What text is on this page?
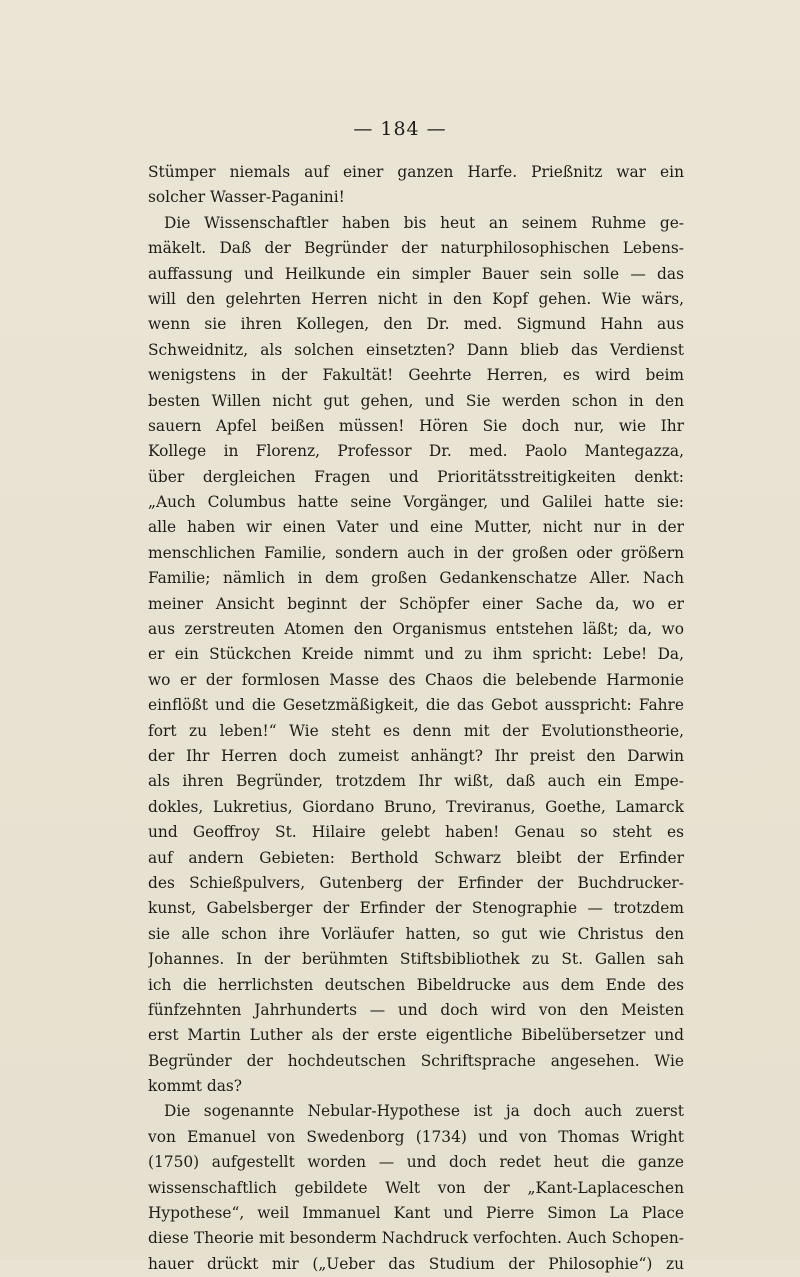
— 184 —
Stümper niemals auf einer ganzen Harfe. Prießnitz war ein
solcher Wasser-Paganini!
Die Wissenschaftler haben bis heut an seinem Ruhme ge-
mäkelt. Daß der Begründer der naturphilosophischen Lebens-
auffassung und Heilkunde ein simpler Bauer sein solle — das
will den gelehrten Herren nicht in den Kopf gehen. Wie wärs,
wenn sie ihren Kollegen, den Dr. med. Sigmund Hahn aus
Schweidnitz, als solchen einsetzten? Dann blieb das Verdienst
wenigstens in der Fakultät! Geehrte Herren, es wird beim
besten Willen nicht gut gehen, und Sie werden schon in den
sauern Apfel beißen müssen! Hören Sie doch nur, wie Ihr
Kollege in Florenz, Professor Dr. med. Paolo Mantegazza,
über dergleichen Fragen und Prioritätsstreitigkeiten denkt:
„Auch Columbus hatte seine Vorgänger, und Galilei hatte sie:
alle haben wir einen Vater und eine Mutter, nicht nur in der
menschlichen Familie, sondern auch in der großen oder größern
Familie; nämlich in dem großen Gedankenschatze Aller. Nach
meiner Ansicht beginnt der Schöpfer einer Sache da, wo er
aus zerstreuten Atomen den Organismus entstehen läßt; da, wo
er ein Stückchen Kreide nimmt und zu ihm spricht: Lebe! Da,
wo er der formlosen Masse des Chaos die belebende Harmonie
einflößt und die Gesetzmäßigkeit, die das Gebot ausspricht: Fahre
fort zu leben!“ Wie steht es denn mit der Evolutionstheorie,
der Ihr Herren doch zumeist anhängt? Ihr preist den Darwin
als ihren Begründer, trotzdem Ihr wißt, daß auch ein Empe-
dokles, Lukretius, Giordano Bruno, Treviranus, Goethe, Lamarck
und Geoffroy St. Hilaire gelebt haben! Genau so steht es
auf andern Gebieten: Berthold Schwarz bleibt der Erfinder
des Schießpulvers, Gutenberg der Erfinder der Buchdrucker-
kunst, Gabelsberger der Erfinder der Stenographie — trotzdem
sie alle schon ihre Vorläufer hatten, so gut wie Christus den
Johannes. In der berühmten Stiftsbibliothek zu St. Gallen sah
ich die herrlichsten deutschen Bibeldrucke aus dem Ende des
fünfzehnten Jahrhunderts — und doch wird von den Meisten
erst Martin Luther als der erste eigentliche Bibelübersetzer und
Begründer der hochdeutschen Schriftsprache angesehen. Wie
kommt das?
Die sogenannte Nebular-Hypothese ist ja doch auch zuerst
von Emanuel von Swedenborg (1734) und von Thomas Wright
(1750) aufgestellt worden — und doch redet heut die ganze
wissenschaftlich gebildete Welt von der „Kant-Laplaceschen
Hypothese“, weil Immanuel Kant und Pierre Simon La Place
diese Theorie mit besonderm Nachdruck verfochten. Auch Schopen-
hauer drückt mir („Ueber das Studium der Philosophie“) zu
